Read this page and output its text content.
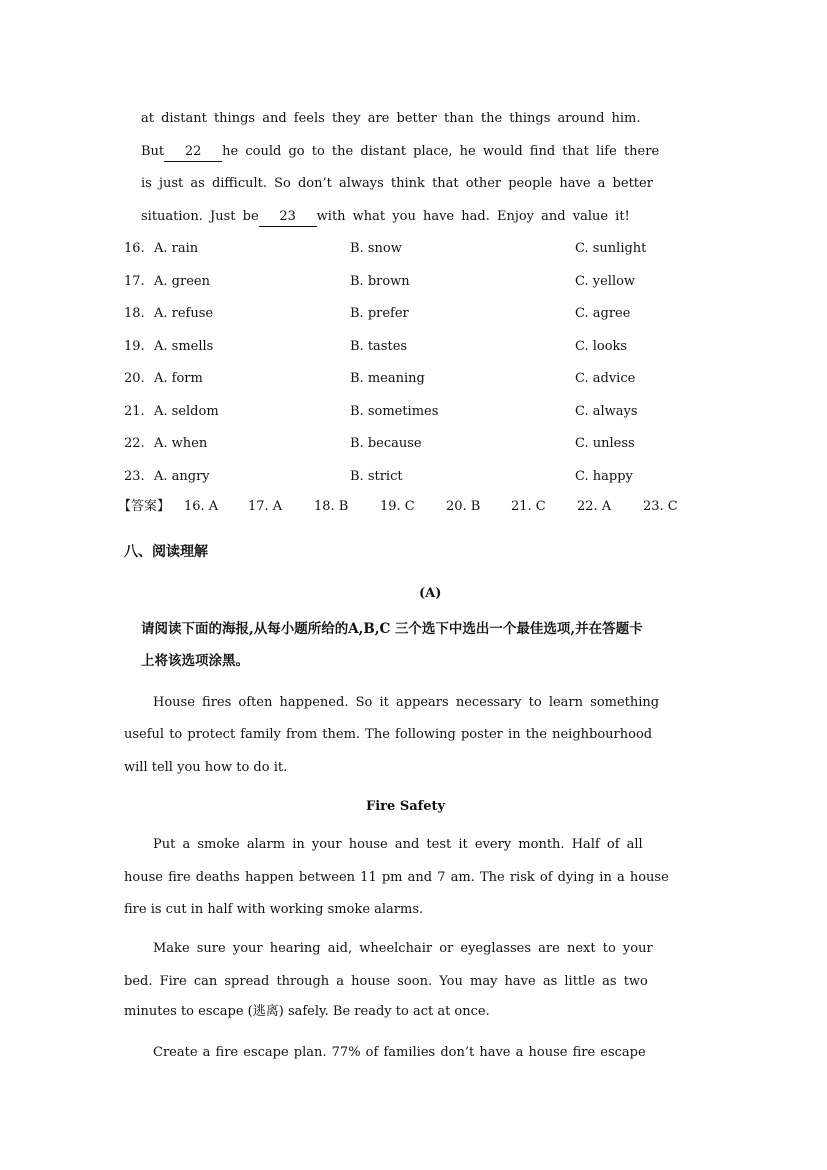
at distant things and feels they are better than the things around him.
But 22 he could go to the distant place, he would find that life there
is just as difficult. So don’t always think that other people have a better
situation. Just be 23 with what you have had. Enjoy and value it!
16. A. rain	B. snow	C. sunlight
17. A. green	B. brown	C. yellow
18. A. refuse	B. prefer	C. agree
19. A. smells	B. tastes	C. looks
20. A. form	B. meaning	C. advice
21. A. seldom	B. sometimes	C. always
22. A. when	B. because	C. unless
23. A. angry	B. strict	C. happy
【答案】 16. A 17. A 18. B 19. C 20. B 21. C 22. A 23. C
八、阅读理解
(A)
请阅读下面的海报,从每小题所给的A,B,C 三个选下中选出一个最佳选项,并在答题卡
上将该选项涂黑。
House fires often happened. So it appears necessary to learn something
useful to protect family from them. The following poster in the neighbourhood
will tell you how to do it.
Fire Safety
Put a smoke alarm in your house and test it every month. Half of all
house fire deaths happen between 11 pm and 7 am. The risk of dying in a house
fire is cut in half with working smoke alarms.
Make sure your hearing aid, wheelchair or eyeglasses are next to your
bed. Fire can spread through a house soon. You may have as little as two
minutes to escape (逃离) safely. Be ready to act at once.
Create a fire escape plan. 77% of families don’t have a house fire escape
